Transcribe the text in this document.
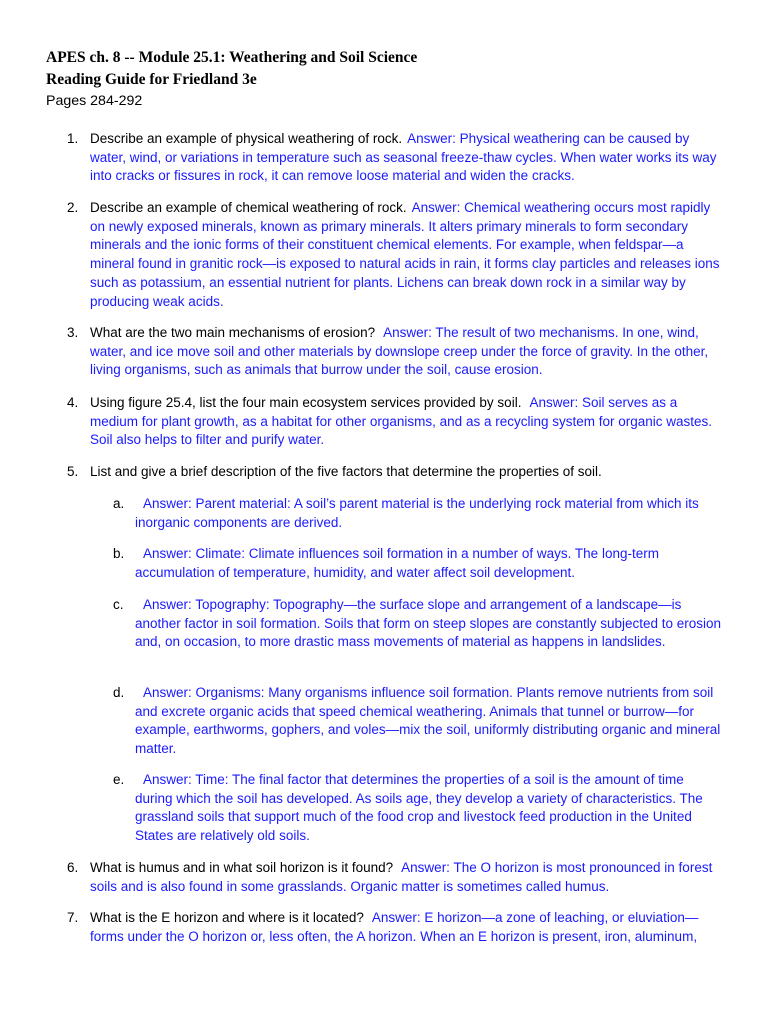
APES ch. 8 -- Module 25.1: Weathering and Soil Science
Reading Guide for Friedland 3e
Pages 284-292
1. Describe an example of physical weathering of rock. Answer: Physical weathering can be caused by water, wind, or variations in temperature such as seasonal freeze-thaw cycles. When water works its way into cracks or fissures in rock, it can remove loose material and widen the cracks.
2. Describe an example of chemical weathering of rock. Answer: Chemical weathering occurs most rapidly on newly exposed minerals, known as primary minerals. It alters primary minerals to form secondary minerals and the ionic forms of their constituent chemical elements. For example, when feldspar—a mineral found in granitic rock—is exposed to natural acids in rain, it forms clay particles and releases ions such as potassium, an essential nutrient for plants. Lichens can break down rock in a similar way by producing weak acids.
3. What are the two main mechanisms of erosion? Answer: The result of two mechanisms. In one, wind, water, and ice move soil and other materials by downslope creep under the force of gravity. In the other, living organisms, such as animals that burrow under the soil, cause erosion.
4. Using figure 25.4, list the four main ecosystem services provided by soil. Answer: Soil serves as a medium for plant growth, as a habitat for other organisms, and as a recycling system for organic wastes. Soil also helps to filter and purify water.
5. List and give a brief description of the five factors that determine the properties of soil.
a.	Answer: Parent material: A soil’s parent material is the underlying rock material from which its inorganic components are derived.
b.	Answer: Climate: Climate influences soil formation in a number of ways. The long-term accumulation of temperature, humidity, and water affect soil development.
c.	Answer: Topography: Topography—the surface slope and arrangement of a landscape—is another factor in soil formation. Soils that form on steep slopes are constantly subjected to erosion and, on occasion, to more drastic mass movements of material as happens in landslides.
d.	Answer: Organisms: Many organisms influence soil formation. Plants remove nutrients from soil and excrete organic acids that speed chemical weathering. Animals that tunnel or burrow—for example, earthworms, gophers, and voles—mix the soil, uniformly distributing organic and mineral matter.
e.	Answer: Time: The final factor that determines the properties of a soil is the amount of time during which the soil has developed. As soils age, they develop a variety of characteristics. The grassland soils that support much of the food crop and livestock feed production in the United States are relatively old soils.
6. What is humus and in what soil horizon is it found? Answer: The O horizon is most pronounced in forest soils and is also found in some grasslands. Organic matter is sometimes called humus.
7. What is the E horizon and where is it located? Answer: E horizon—a zone of leaching, or eluviation—forms under the O horizon or, less often, the A horizon. When an E horizon is present, iron, aluminum,
